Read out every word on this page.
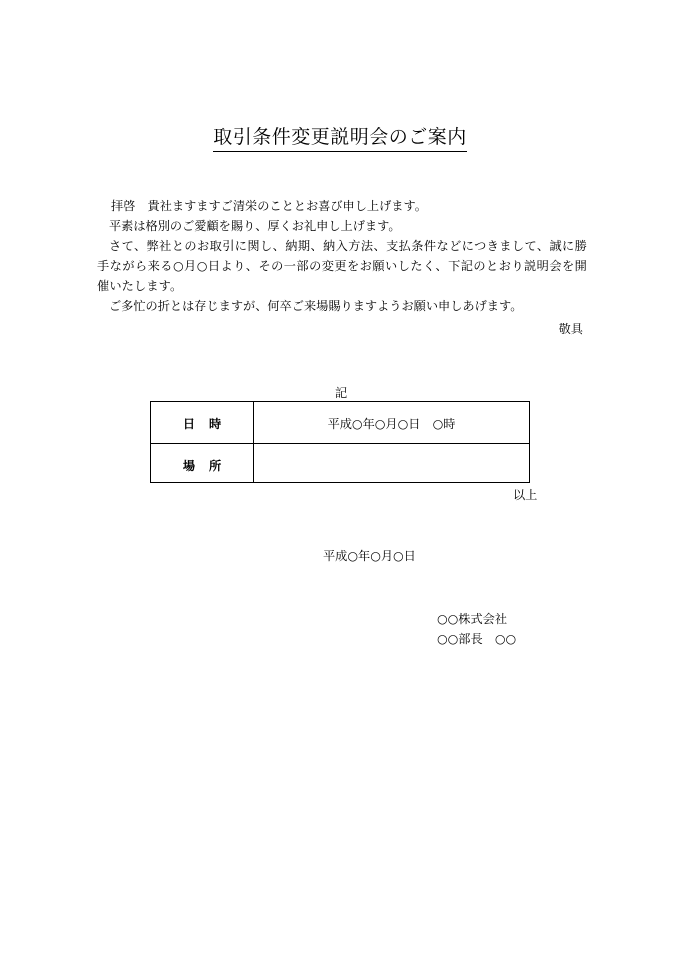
取引条件変更説明会のご案内
拝啓　貴社ますますご清栄のこととお喜び申し上げます。
平素は格別のご愛顧を賜り、厚くお礼申し上げます。
さて、弊社とのお取引に関し、納期、納入方法、支払条件などにつきまして、誠に勝手ながら来る○月○日より、その一部の変更をお願いしたく、下記のとおり説明会を開催いたします。
ご多忙の折とは存じますが、何卒ご来場賜りますようお願い申しあげます。
敬具
記
日時	平成○年○月○日　○時
場所
以上
平成○年○月○日
○○株式会社
○○部長　○○
